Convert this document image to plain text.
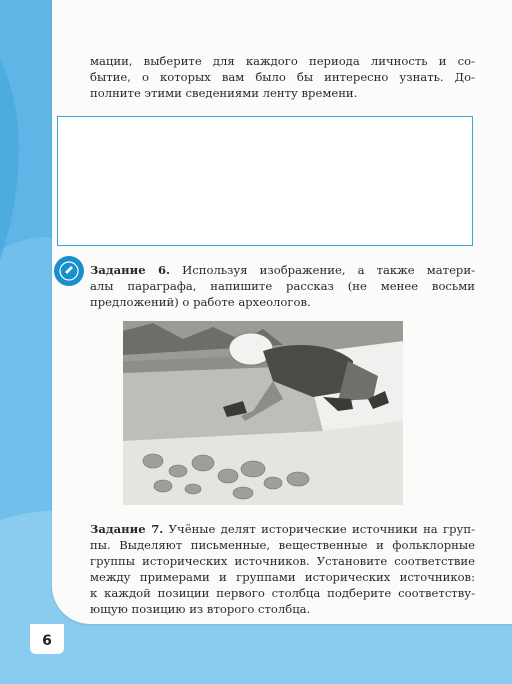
мации, выберите для каждого периода личность и со-
бытие, о которых вам было бы интересно узнать. До-
полните этими сведениями ленту времени.
Задание 6. Используя изображение, а также матери-
алы параграфа, напишите рассказ (не менее восьми
предложений) о работе археологов.
Задание 7. Учёные делят исторические источники на груп-
пы. Выделяют письменные, вещественные и фольклорные
группы исторических источников. Установите соответствие
между примерами и группами исторических источников:
к каждой позиции первого столбца подберите соответству-
ющую позицию из второго столбца.
6
